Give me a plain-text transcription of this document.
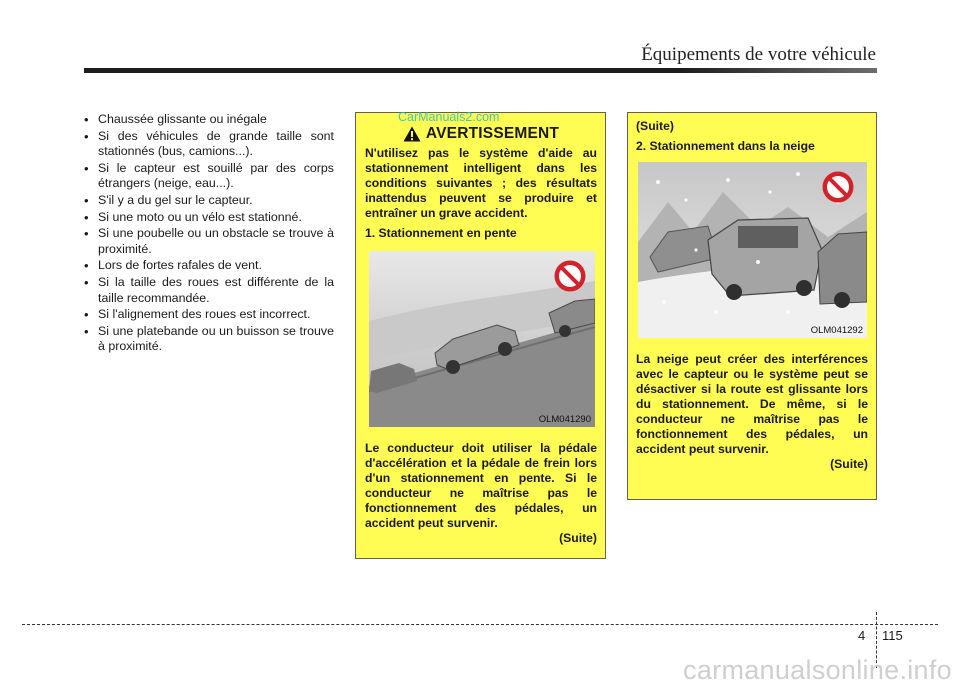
Équipements de votre véhicule
• Chaussée glissante ou inégale
• Si des véhicules de grande taille sont stationnés (bus, camions...).
• Si le capteur est souillé par des corps étrangers (neige, eau...).
• S'il y a du gel sur le capteur.
• Si une moto ou un vélo est stationné.
• Si une poubelle ou un obstacle se trouve à proximité.
• Lors de fortes rafales de vent.
• Si la taille des roues est différente de la taille recommandée.
• Si l'alignement des roues est incorrect.
• Si une platebande ou un buisson se trouve à proximité.
AVERTISSEMENT
N'utilisez pas le système d'aide au stationnement intelligent dans les conditions suivantes ; des résultats inattendus peuvent se produire et entraîner un grave accident.
1. Stationnement en pente
OLM041290
Le conducteur doit utiliser la pédale d'accélération et la pédale de frein lors d'un stationnement en pente. Si le conducteur ne maîtrise pas le fonctionnement des pédales, un accident peut survenir.
(Suite)
(Suite)
2. Stationnement dans la neige
OLM041292
La neige peut créer des interférences avec le capteur ou le système peut se désactiver si la route est glissante lors du stationnement. De même, si le conducteur ne maîtrise pas le fonctionnement des pédales, un accident peut survenir.
(Suite)
CarManuals2.com
4 115
carmanualsonline.info
